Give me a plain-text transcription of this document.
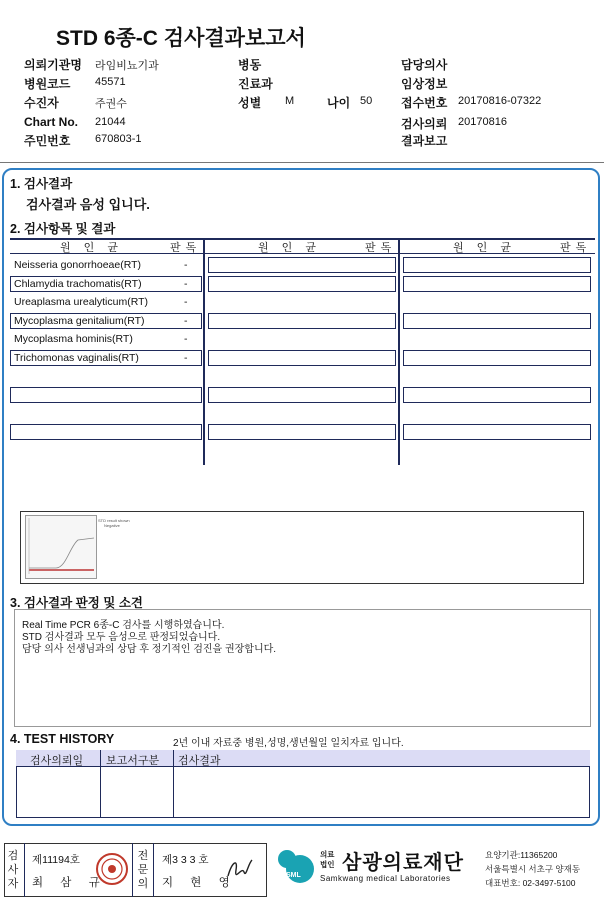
STD 6종-C 검사결과보고서
의뢰기관명 라임비뇨기과	병동	담당의사
병원코드 45571	진료과	임상정보
수진자	주권수	성별 M	나이 50 접수번호 20170816-07322
Chart No. 21044	검사의뢰 20170816
주민번호 670803-1	결과보고
1. 검사결과
검사결과 음성 입니다.
2. 검사항목 및 결과
원 인 균	판독	원 인 균	판독	원 인 균	판독
Neisseria gonorrhoeae(RT)	-
Chlamydia trachomatis(RT)	-
Ureaplasma urealyticum(RT)	-
Mycoplasma genitalium(RT)	-
Mycoplasma hominis(RT)	-
Trichomonas vaginalis(RT)	-
STD result shown
Negative
3. 검사결과 판정 및 소견
Real Time PCR 6종-C 검사를 시행하였습니다.
STD 검사결과 모두 음성으로 판정되었습니다.
담당 의사 선생님과의 상담 후 정기적인 검진을 권장합니다.
4. TEST HISTORY	2년 이내 자료중 병원,성명,생년월일 일치자료 입니다.
검사의뢰일 보고서구분 검사결과
검
사
자
제11194호
최 삼 규
전
문
의
제3 3 3 호
지 현 영
SML
의료
법인 삼광의료재단
Samkwang medical Laboratories
요양기관:11365200
서울특별시 서초구 양재동
대표번호: 02-3497-5100
